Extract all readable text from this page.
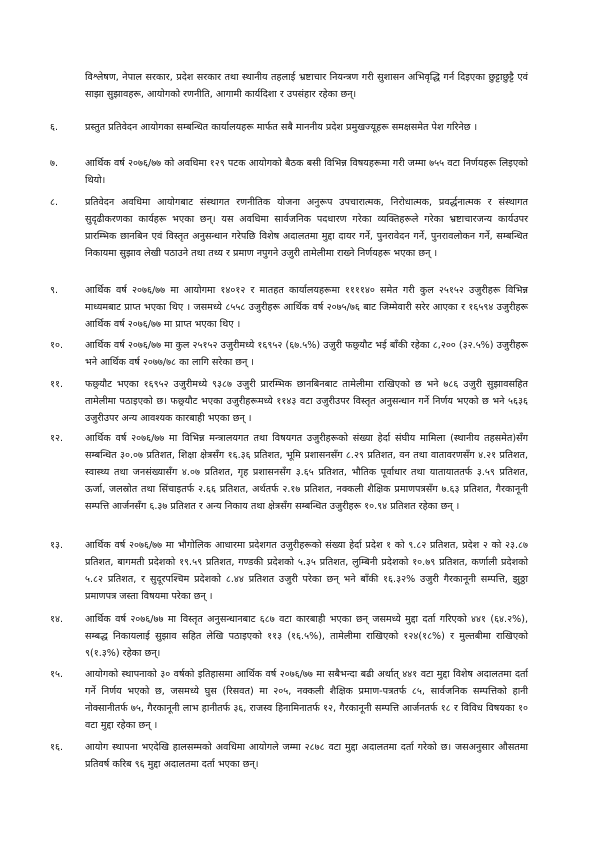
विश्लेषण, नेपाल सरकार, प्रदेश सरकार तथा स्थानीय तहलाई भ्रष्टाचार नियन्त्रण गरी सुशासन अभिवृद्धि गर्न दिइएका छुट्टाछुट्टै एवं साझा सुझावहरू, आयोगको रणनीति, आगामी कार्यदिशा र उपसंहार रहेका छन्।
६.	प्रस्तुत प्रतिवेदन आयोगका सम्बन्धित कार्यालयहरू मार्फत सबै माननीय प्रदेश प्रमुखज्यूहरू समक्षसमेत पेश गरिनेछ ।
७.	आर्थिक वर्ष २०७६/७७ को अवधिमा १२९ पटक आयोगको बैठक बसी विभिन्न विषयहरूमा गरी जम्मा ७५५ वटा निर्णयहरू लिइएको थियो।
८.	प्रतिवेदन अवधिमा आयोगबाट संस्थागत रणनीतिक योजना अनुरूप उपचारात्मक, निरोधात्मक, प्रवर्द्धनात्मक र संस्थागत सुदृढीकरणका कार्यहरू भएका छन्। यस अवधिमा सार्वजनिक पदधारण गरेका व्यक्तिहरूले गरेका भ्रष्टाचारजन्य कार्यउपर प्रारम्भिक छानबिन एवं विस्तृत अनुसन्धान गरेपछि विशेष अदालतमा मुद्दा दायर गर्ने, पुनरावेदन गर्ने, पुनरावलोकन गर्ने, सम्बन्धित निकायमा सुझाव लेखी पठाउने तथा तथ्य र प्रमाण नपुगने उजुरी तामेलीमा राख्ने निर्णयहरू भएका छन् ।
९.	आर्थिक वर्ष २०७६/७७ मा आयोगमा १४०१२ र मातहत कार्यालयहरूमा ११११४० समेत गरी कुल २५१५२ उजुरीहरू विभिन्न माध्यमबाट प्राप्त भएका थिए । जसमध्ये ८५५८ उजुरीहरू आर्थिक वर्ष २०७५/७६ बाट जिम्मेवारी सरेर आएका र १६५९४ उजुरीहरू आर्थिक वर्ष २०७६/७७ मा प्राप्त भएका थिए ।
१०.	आर्थिक वर्ष २०७६/७७ मा कुल २५१५२ उजुरीमध्ये १६९५२ (६७.५%) उजुरी फछ्र्यौट भई बाँकी रहेका ८,२०० (३२.५%) उजुरीहरू भने आर्थिक वर्ष २०७७/७८ का लागि सरेका छन् ।
११.	फछ्र्यौट भएका १६९५२ उजुरीमध्ये ९३८७ उजुरी प्रारम्भिक छानबिनबाट तामेलीमा राखिएको छ भने ७८६ उजुरी सुझावसहित तामेलीमा पठाइएको छ। फछ्र्यौट भएका उजुरीहरूमध्ये ११४३ वटा उजुरीउपर विस्तृत अनुसन्धान गर्ने निर्णय भएको छ भने ५६३६ उजुरीउपर अन्य आवश्यक कारबाही भएका छन् ।
१२.	आर्थिक वर्ष २०७६/७७ मा विभिन्न मन्त्रालयगत तथा विषयगत उजुरीहरूको संख्या हेर्दा संघीय मामिला (स्थानीय तहसमेत)सँग सम्बन्धित ३०.०७ प्रतिशत, शिक्षा क्षेत्रसँग १६.३६ प्रतिशत, भूमि प्रशासनसँग ८.२९ प्रतिशत, वन तथा वातावरणसँग ४.२१ प्रतिशत, स्वास्थ्य तथा जनसंख्यासँग ४.०७ प्रतिशत, गृह प्रशासनसँग ३.६५ प्रतिशत, भौतिक पूर्वाधार तथा यातायाततर्फ ३.५९ प्रतिशत, ऊर्जा, जलस्रोत तथा सिंचाइतर्फ २.६६ प्रतिशत, अर्थतर्फ २.१७ प्रतिशत, नक्कली शैक्षिक प्रमाणपत्रसँग ७.६३ प्रतिशत, गैरकानूनी सम्पत्ति आर्जनसँग ६.३७ प्रतिशत र अन्य निकाय तथा क्षेत्रसँग सम्बन्धित उजुरीहरू १०.९४ प्रतिशत रहेका छन् ।
१३.	आर्थिक वर्ष २०७६/७७ मा भौगोलिक आधारमा प्रदेशगत उजुरीहरूको संख्या हेर्दा प्रदेश १ को ९.८२ प्रतिशत, प्रदेश २ को २३.८७ प्रतिशत, बागमती प्रदेशको १९.५९ प्रतिशत, गण्डकी प्रदेशको ५.३५ प्रतिशत, लुम्बिनी प्रदेशको १०.७९ प्रतिशत, कर्णाली प्रदेशको ५.८२ प्रतिशत, र सुदूरपश्चिम प्रदेशको ८.४४ प्रतिशत उजुरी परेका छन् भने बाँकी १६.३२% उजुरी गैरकानूनी सम्पत्ति, झुठ्ठा प्रमाणपत्र जस्ता विषयमा परेका छन् ।
१४.	आर्थिक वर्ष २०७६/७७ मा विस्तृत अनुसन्धानबाट ६८७ वटा कारबाही भएका छन् जसमध्ये मुद्दा दर्ता गरिएको ४४१ (६४.२%), सम्बद्ध निकायलाई सुझाव सहित लेखि पठाइएको ११३ (१६.५%), तामेलीमा राखिएको १२४(१८%) र मुल्तबीमा राखिएको ९(१.३%) रहेका छन्।
१५.	आयोगको स्थापनाको ३० वर्षको इतिहासमा आर्थिक वर्ष २०७६/७७ मा सबैभन्दा बढी अर्थात् ४४१ वटा मुद्दा विशेष अदालतमा दर्ता गर्ने निर्णय भएको छ, जसमध्ये घुस (रिसवत) मा २०५, नक्कली शैक्षिक प्रमाण-पत्रतर्फ ८५, सार्वजनिक सम्पत्तिको हानी नोक्सानीतर्फ ७५, गैरकानूनी लाभ हानीतर्फ ३६, राजस्व हिनामिनातर्फ १२, गैरकानूनी सम्पत्ति आर्जनतर्फ १८ र विविध विषयका १० वटा मुद्दा रहेका छन् ।
१६.	आयोग स्थापना भएदेखि हालसम्मको अवधिमा आयोगले जम्मा २८७८ वटा मुद्दा अदालतमा दर्ता गरेको छ। जसअनुसार औसतमा प्रतिवर्ष करिब ९६ मुद्दा अदालतमा दर्ता भएका छन्।
